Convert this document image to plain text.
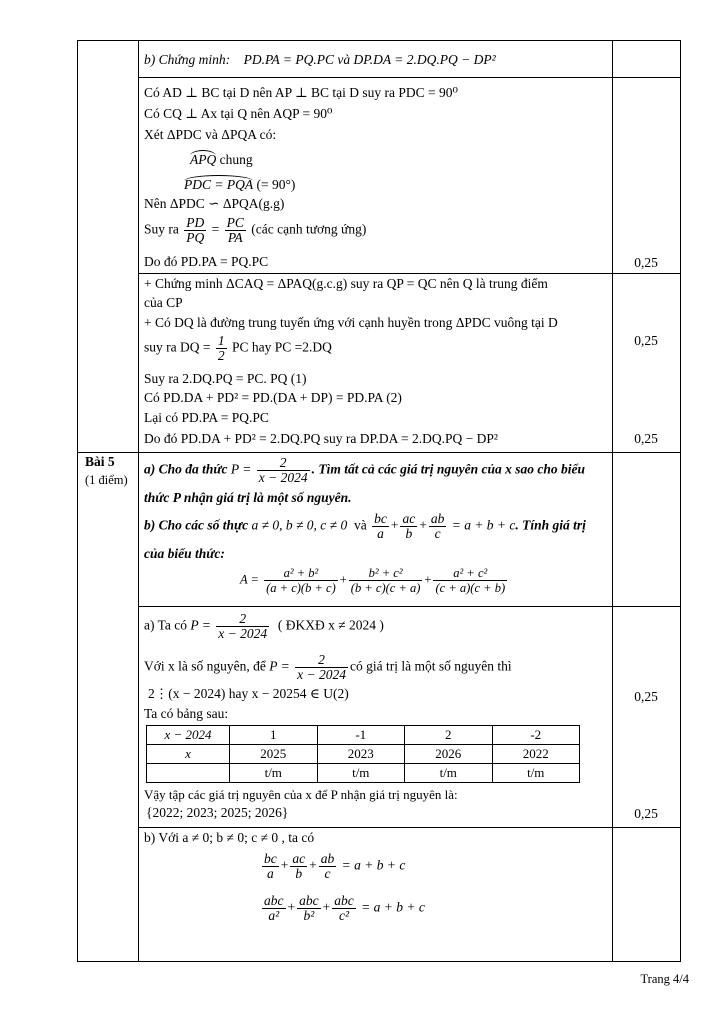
Bài 5
(1 điểm)
b) Chứng minh: PD.PA = PQ.PC và DP.DA = 2.DQ.PQ − DP²
Có AD ⊥ BC tại D nên AP ⊥ BC tại D suy ra PDC = 90⁰
Có CQ ⊥ Ax tại Q nên AQP = 90⁰
Xét ΔPDC và ΔPQA có:
APQ chung
PDC = PQA (= 90°)
Nên ΔPDC ∽ ΔPQA(g.g)
Suy ra $\frac{PD}{PQ} = \frac{PC}{PA}$ (các cạnh tương ứng)
Do đó PD.PA = PQ.PC	0,25
+ Chứng minh ΔCAQ = ΔPAQ(g.c.g) suy ra QP = QC nên Q là trung điểm
của CP
+ Có DQ là đường trung tuyến ứng với cạnh huyền trong ΔPDC vuông tại D
suy ra DQ = $\frac{1}{2}$ PC hay PC =2.DQ	0,25
Suy ra 2.DQ.PQ = PC. PQ (1)
Có PD.DA + PD² = PD.(DA + DP) = PD.PA (2)
Lại có PD.PA = PQ.PC
Do đó PD.DA + PD² = 2.DQ.PQ suy ra DP.DA = 2.DQ.PQ − DP²	0,25
a) Cho đa thức $P = \frac{2}{x - 2024}$ . Tìm tất cả các giá trị nguyên của x sao cho biểu
thức P nhận giá trị là một số nguyên.
b) Cho các số thực a ≠ 0, b ≠ 0, c ≠ 0 và $\frac{bc}{a} + \frac{ac}{b} + \frac{ab}{c} = a + b + c$. Tính giá trị
của biểu thức:
$A = \frac{\text{a² + b²}}{(a + c)(b + c)} + \frac{\text{b² + c²}}{(b + c)(c + a)} + \frac{\text{a² + c²}}{(c + a)(c + b)}$
a) Ta có $P = \frac{2}{x - 2024}$ ( ĐKXĐ x ≠ 2024 )
Với x là số nguyên, để $P = \frac{2}{x - 2024}$ có giá trị là một số nguyên thì
2⋮(x − 2024) hay x − 20254 ∈ U(2)	0,25
Ta có bảng sau:
x − 2024	1	-1	2	-2
x	2025	2023	2026	2022
	t/m	t/m	t/m	t/m
Vậy tập các giá trị nguyên của x để P nhận giá trị nguyên là:
{2022; 2023; 2025; 2026}	0,25
b) Với a ≠ 0; b ≠ 0; c ≠ 0 , ta có
$\frac{bc}{a} + \frac{ac}{b} + \frac{ab}{c} = a + b + c$
$\frac{\text{abc}}{\text{a²}} + \frac{\text{abc}}{\text{b²}} + \frac{\text{abc}}{\text{c²}} = a + b + c$
Trang 4/4
